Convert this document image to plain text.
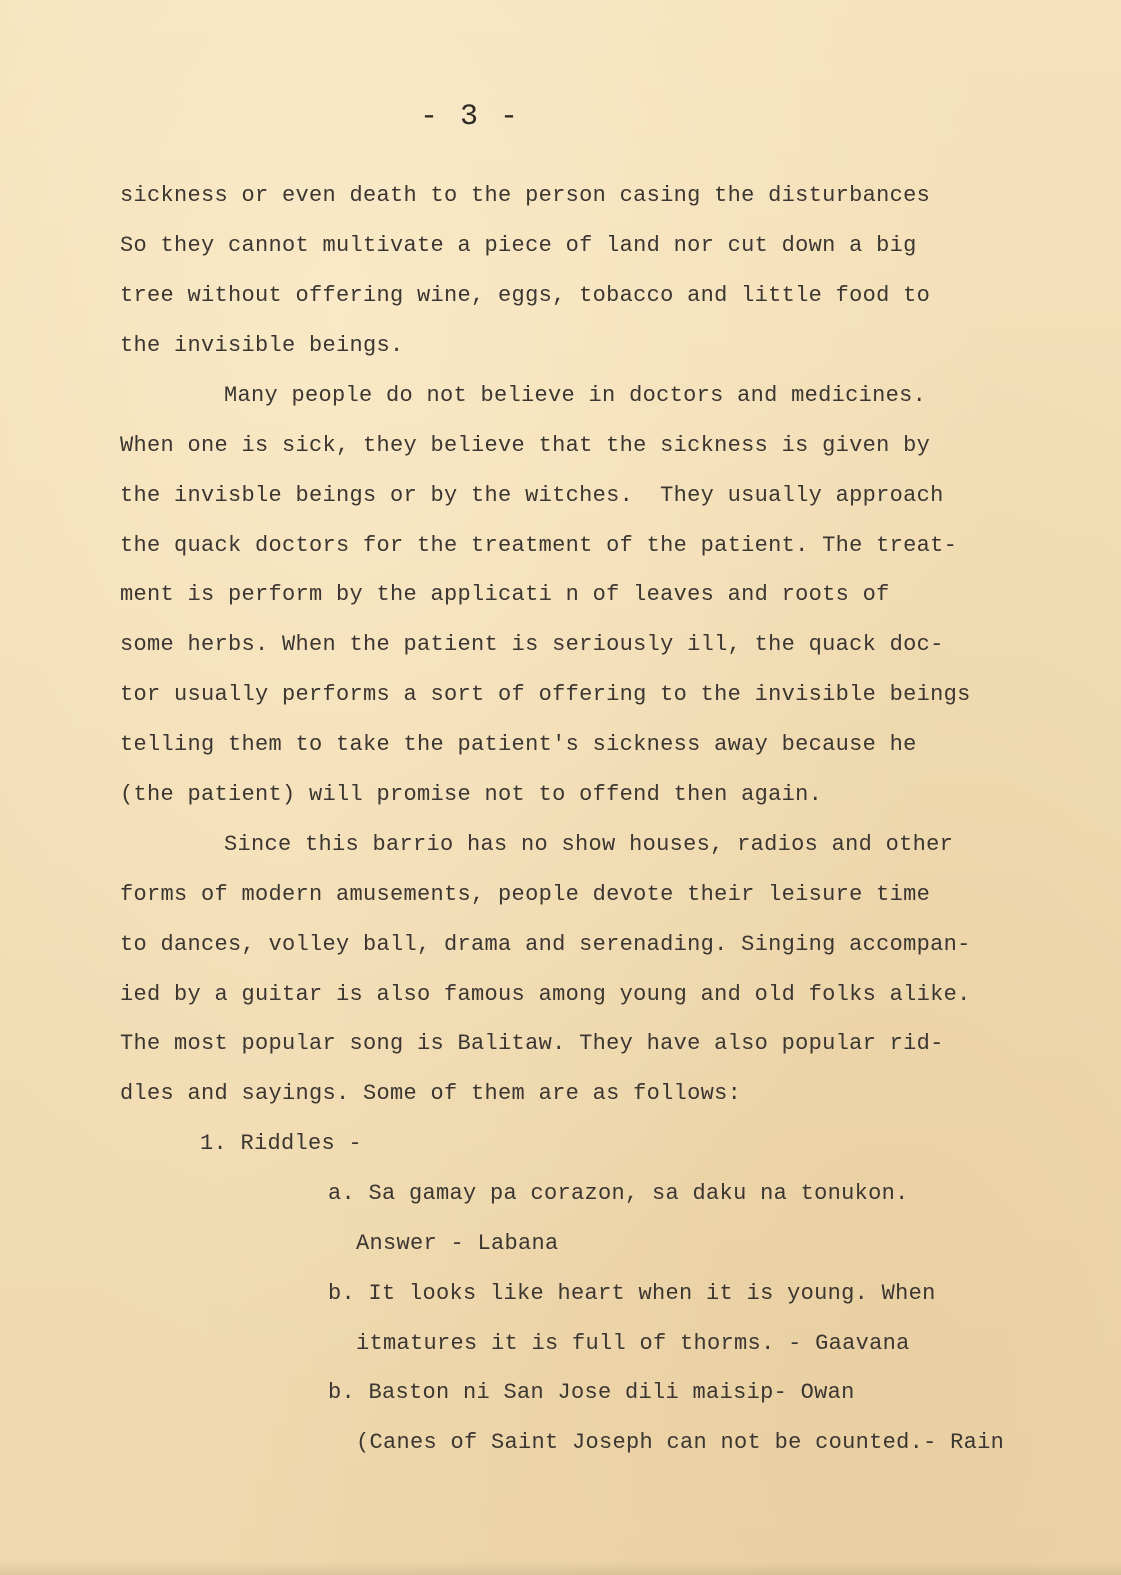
- 3 -
sickness or even death to the person casing the disturbances
So they cannot multivate a piece of land nor cut down a big
tree without offering wine, eggs, tobacco and little food to
the invisible beings.
Many people do not believe in doctors and medicines.
When one is sick, they believe that the sickness is given by
the invisble beings or by the witches.  They usually approach
the quack doctors for the treatment of the patient. The treat-
ment is perform by the applicati n of leaves and roots of
some herbs. When the patient is seriously ill, the quack doc-
tor usually performs a sort of offering to the invisible beings
telling them to take the patient's sickness away because he
(the patient) will promise not to offend then again.
Since this barrio has no show houses, radios and other
forms of modern amusements, people devote their leisure time
to dances, volley ball, drama and serenading. Singing accompan-
ied by a guitar is also famous among young and old folks alike.
The most popular song is Balitaw. They have also popular rid-
dles and sayings. Some of them are as follows:
1. Riddles -
a. Sa gamay pa corazon, sa daku na tonukon.
Answer - Labana
b. It looks like heart when it is young. When
itmatures it is full of thorms. - Gaavana
b. Baston ni San Jose dili maisip- Owan
(Canes of Saint Joseph can not be counted.- Rain
